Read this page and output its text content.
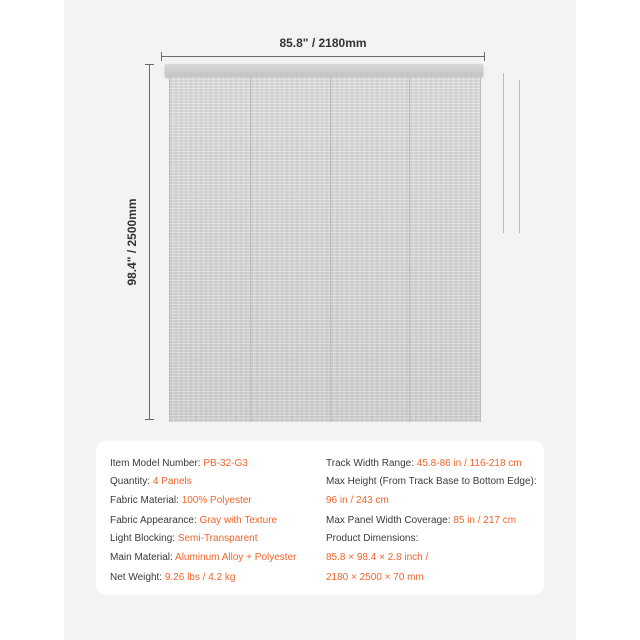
85.8" / 2180mm
98.4" / 2500mm
Item Model Number: PB-32-G3
Quantity: 4 Panels
Fabric Material: 100% Polyester
Fabric Appearance: Gray with Texture
Light Blocking: Semi-Transparent
Main Material: Aluminum Alloy + Polyester
Net Weight: 9.26 lbs / 4.2 kg
Track Width Range: 45.8-86 in / 116-218 cm
Max Height (From Track Base to Bottom Edge):
96 in / 243 cm
Max Panel Width Coverage: 85 in / 217 cm
Product Dimensions:
85.8 × 98.4 × 2.8 inch /
2180 × 2500 × 70 mm
